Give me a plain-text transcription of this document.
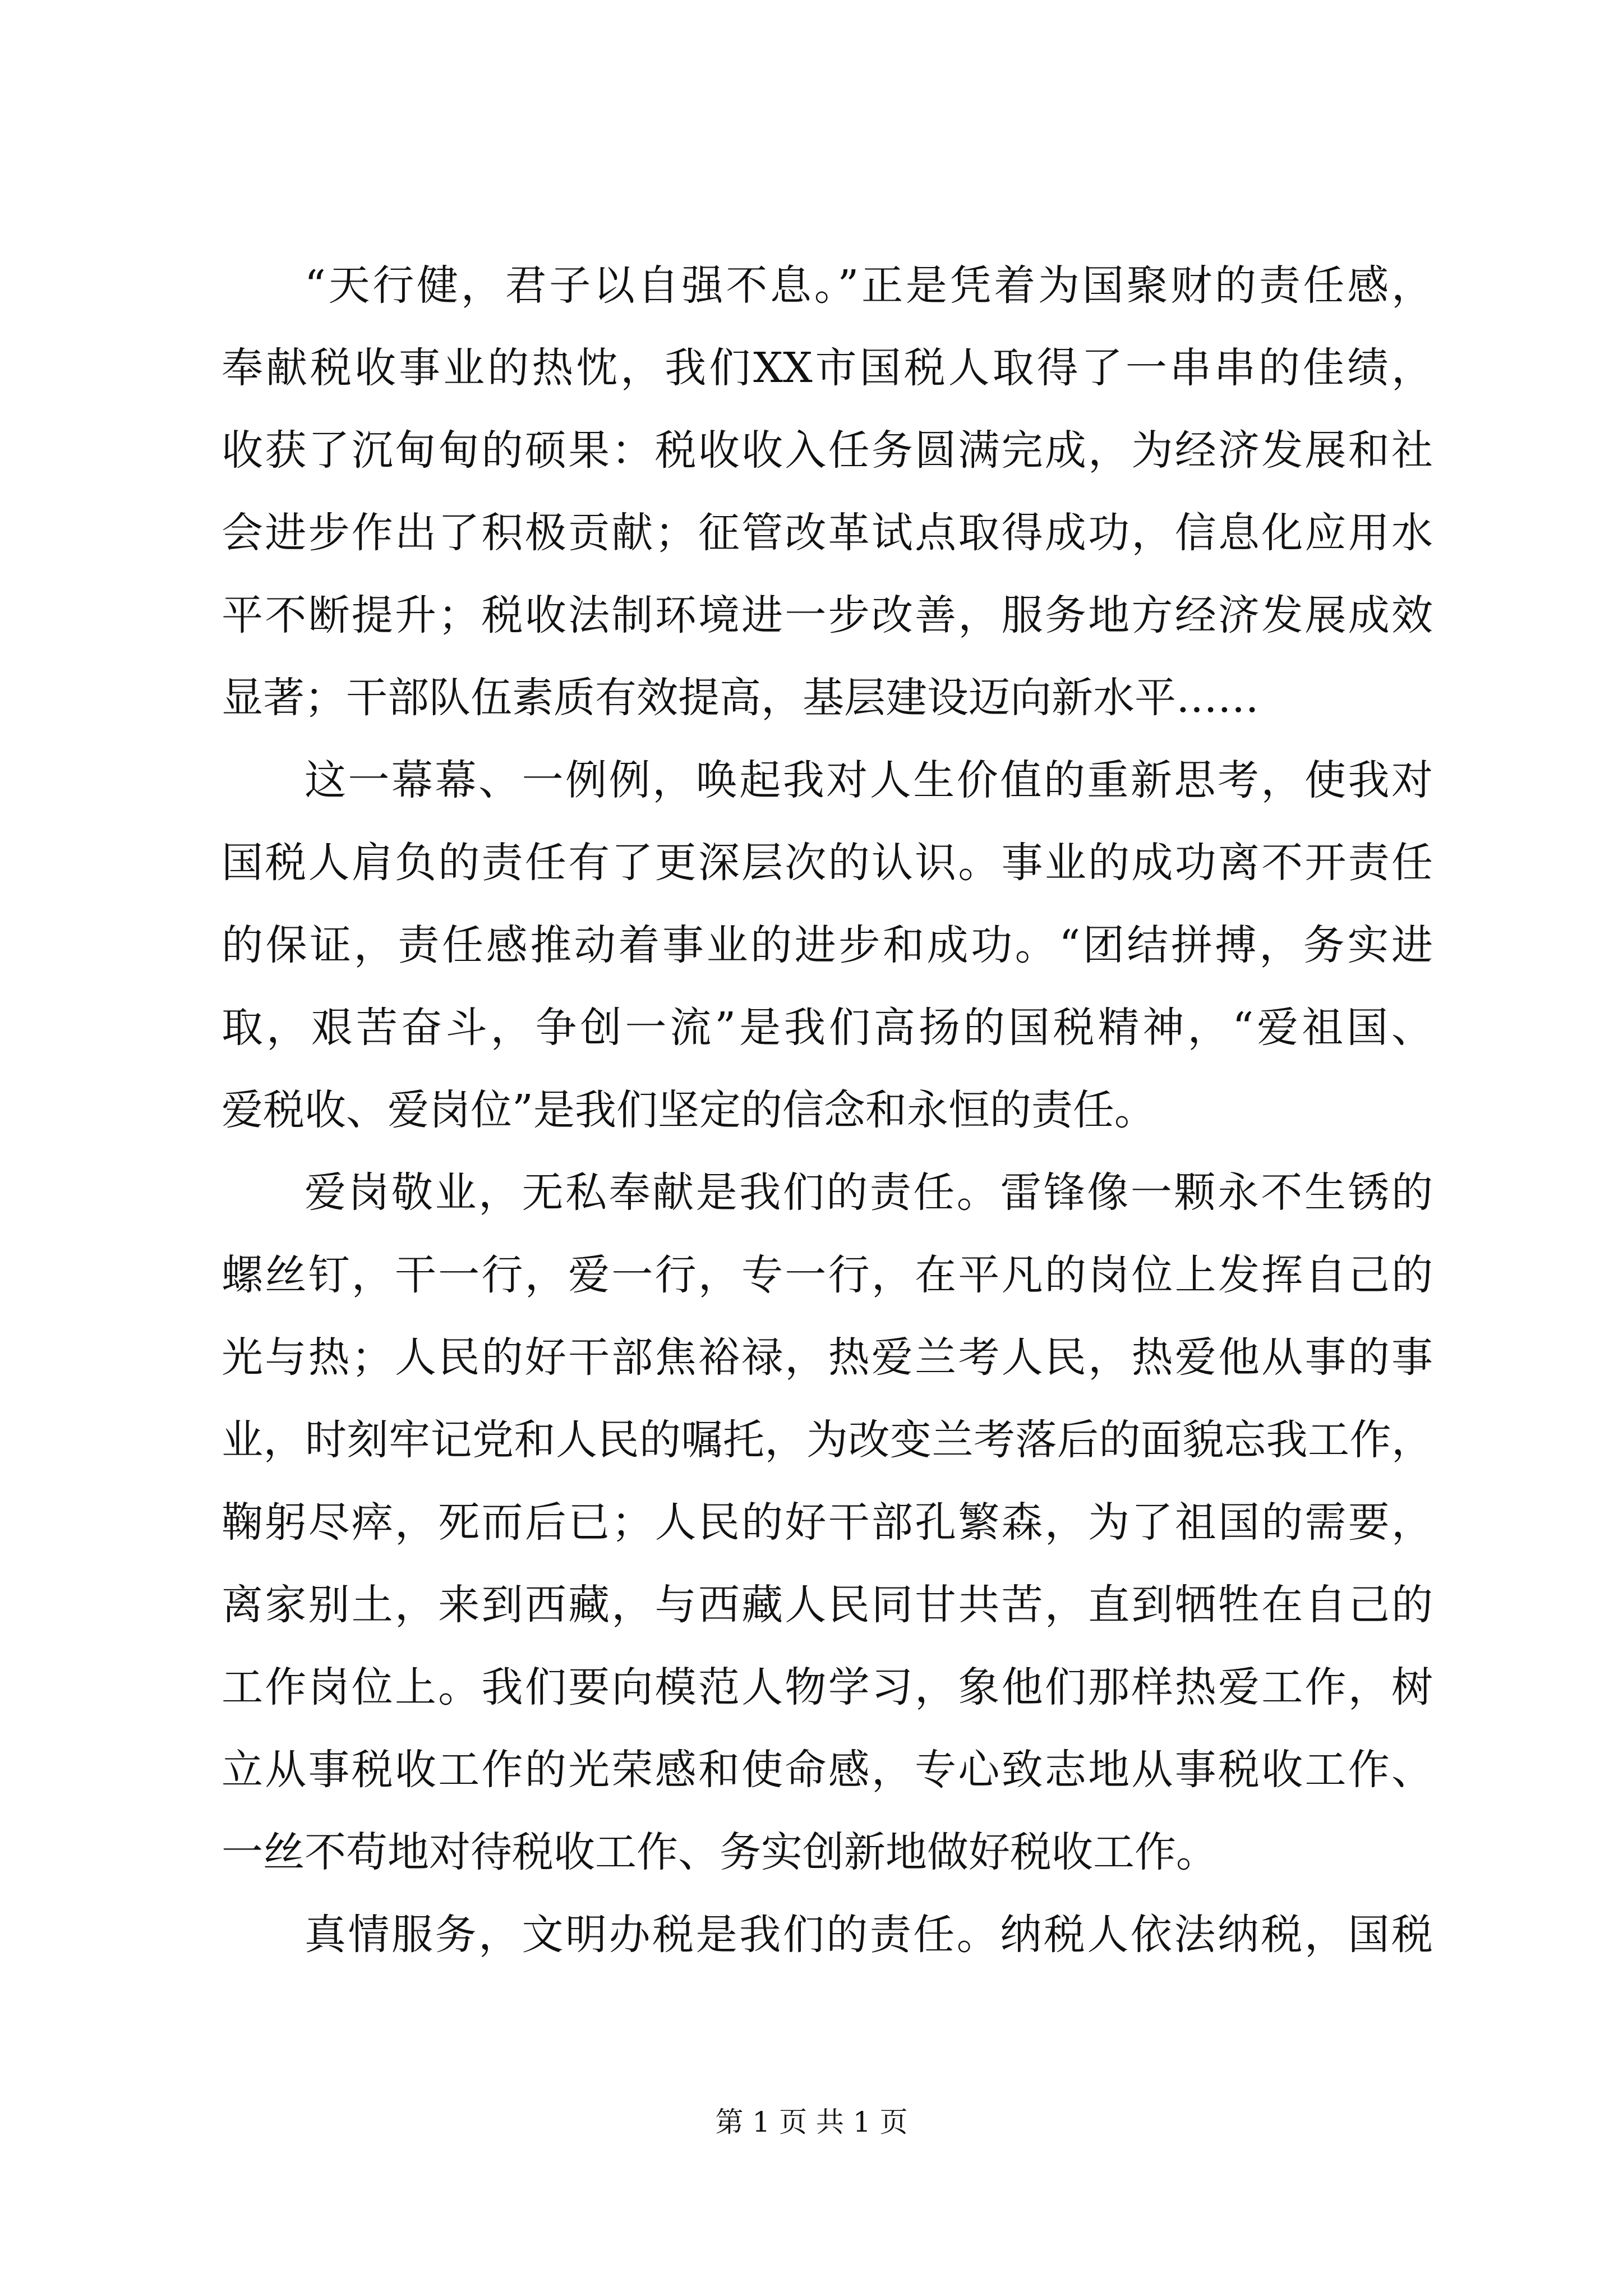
“天行健，君子以自强不息。”正是凭着为国聚财的责任感，
奉献税收事业的热忱，我们XX市国税人取得了一串串的佳绩，
收获了沉甸甸的硕果：税收收入任务圆满完成，为经济发展和社
会进步作出了积极贡献；征管改革试点取得成功，信息化应用水
平不断提升；税收法制环境进一步改善，服务地方经济发展成效
显著；干部队伍素质有效提高，基层建设迈向新水平……
这一幕幕、一例例，唤起我对人生价值的重新思考，使我对
国税人肩负的责任有了更深层次的认识。事业的成功离不开责任
的保证，责任感推动着事业的进步和成功。“团结拼搏，务实进
取，艰苦奋斗，争创一流”是我们高扬的国税精神，“爱祖国、
爱税收、爱岗位”是我们坚定的信念和永恒的责任。
爱岗敬业，无私奉献是我们的责任。雷锋像一颗永不生锈的
螺丝钉，干一行，爱一行，专一行，在平凡的岗位上发挥自己的
光与热；人民的好干部焦裕禄，热爱兰考人民，热爱他从事的事
业，时刻牢记党和人民的嘱托，为改变兰考落后的面貌忘我工作，
鞠躬尽瘁，死而后已；人民的好干部孔繁森，为了祖国的需要，
离家别土，来到西藏，与西藏人民同甘共苦，直到牺牲在自己的
工作岗位上。我们要向模范人物学习，象他们那样热爱工作，树
立从事税收工作的光荣感和使命感，专心致志地从事税收工作、
一丝不苟地对待税收工作、务实创新地做好税收工作。
真情服务，文明办税是我们的责任。纳税人依法纳税，国税
第 1 页 共 1 页
